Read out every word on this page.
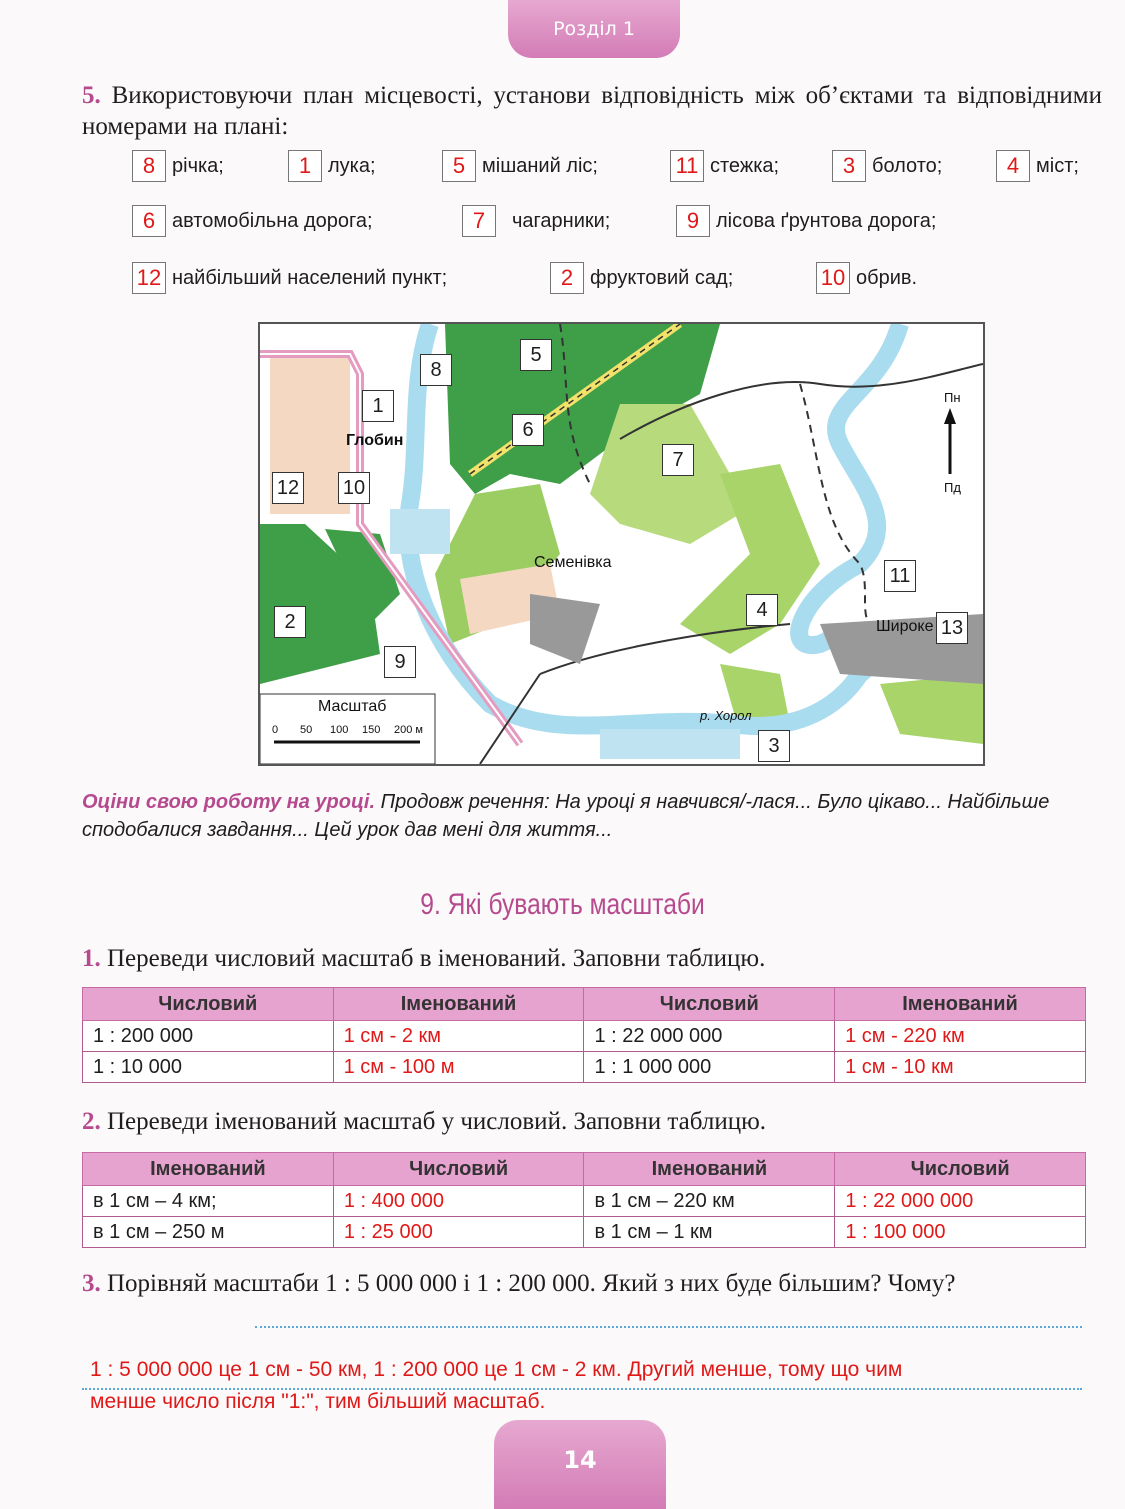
Розділ 1
5. Використовуючи план місцевості, установи відповідність між об’єктами та відповідними номерами на плані:
8 річка;	1 лука;	5 мішаний ліс;	11 стежка;	3 болото;	4 міст;
6 автомобільна дорога;	7	чагарники;	9 лісова ґрунтова дорога;
12 найбільший населений пункт;	2 фруктовий сад;	10 обрив.
8
1
5
6
7
12 10
2
9
4
11
13
3
Глобин
Семенівка
Широке
р. Хорол
Масштаб
0 50 100 150 200 м
Пн
Пд
Оціни свою роботу на уроці. Продовж речення: На уроці я навчився/-лася... Було цікаво... Найбільше сподобалися завдання... Цей урок дав мені для життя...
9. Які бувають масштаби
1. Переведи числовий масштаб в іменований. Заповни таблицю.
Числовий	Іменований	Числовий	Іменований
1 : 200 000	1 см - 2 км	1 : 22 000 000	1 см - 220 км
1 : 10 000	1 см - 100 м	1 : 1 000 000	1 см - 10 км
2. Переведи іменований масштаб у числовий. Заповни таблицю.
Іменований	Числовий	Іменований	Числовий
в 1 см – 4 км;	1 : 400 000	в 1 см – 220 км	1 : 22 000 000
в 1 см – 250 м	1 : 25 000	в 1 см – 1 км	1 : 100 000
3. Порівняй масштаби 1 : 5 000 000 і 1 : 200 000. Який з них буде більшим? Чому?
1 : 5 000 000 це 1 см - 50 км, 1 : 200 000 це 1 см - 2 км. Другий менше, тому що чим
менше число після "1:", тим більший масштаб.
14
